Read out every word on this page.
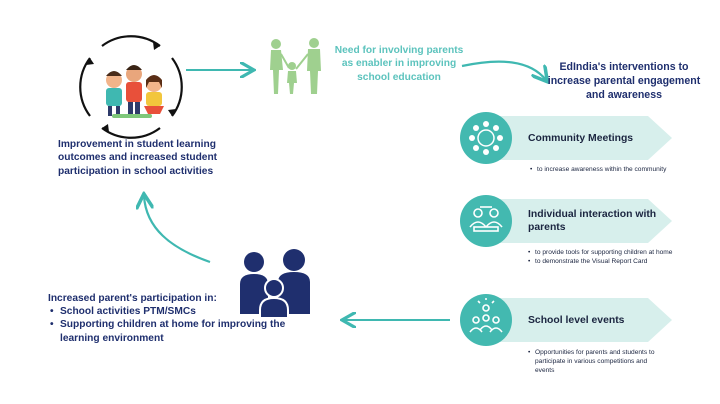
Improvement in student learning outcomes and increased student participation in school activities
Need for involving parents as enabler in improving school education
EdIndia's interventions to increase parental engagement and awareness
Community Meetings
• to increase awareness within the community
Individual interaction with parents
• to provide tools for supporting children at home
• to demonstrate the Visual Report Card
School level events
• Opportunities for parents and students to participate in various competitions and events
Increased parent's participation in:
• School activities PTM/SMCs
• Supporting children at home for improving the learning environment
